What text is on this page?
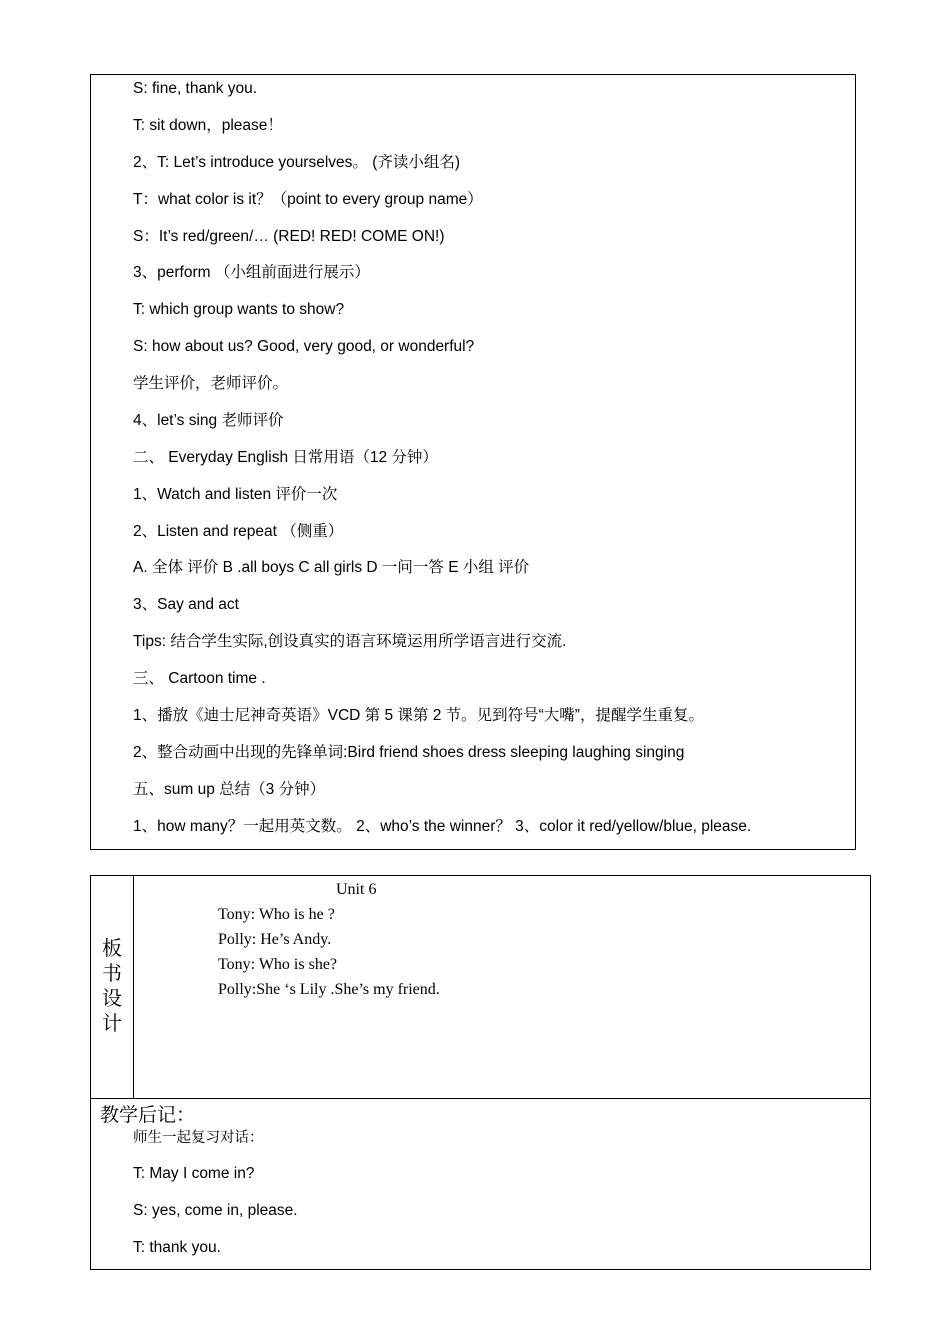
S: fine, thank you.
T: sit down，please！
2、T: Let’s introduce yourselves。 (齐读小组名)
T：what color is it？（point to every group name）
S：It’s red/green/… (RED! RED! COME ON!)
3、perform （小组前面进行展示）
T: which group wants to show?
S: how about us? Good, very good, or wonderful?
学生评价，老师评价。
4、let’s sing 老师评价
二、 Everyday English 日常用语（12 分钟）
1、Watch and listen 评价一次
2、Listen and repeat （侧重）
A. 全体 评价 B .all boys C all girls D 一问一答 E 小组 评价
3、Say and act
Tips: 结合学生实际,创设真实的语言环境运用所学语言进行交流.
三、 Cartoon time .
1、播放《迪士尼神奇英语》VCD 第 5 课第 2 节。见到符号“大嘴”，提醒学生重复。
2、整合动画中出现的先锋单词:Bird friend shoes dress sleeping laughing singing
五、sum up 总结（3 分钟）
1、how many？一起用英文数。 2、who’s the winner？ 3、color it red/yellow/blue, please.
板书设计
Unit 6
Tony: Who is he ?
Polly: He’s Andy.
Tony: Who is she?
Polly:She ‘s Lily .She’s my friend.
教学后记：
师生一起复习对话：
T: May I come in?
S: yes, come in, please.
T: thank you.
